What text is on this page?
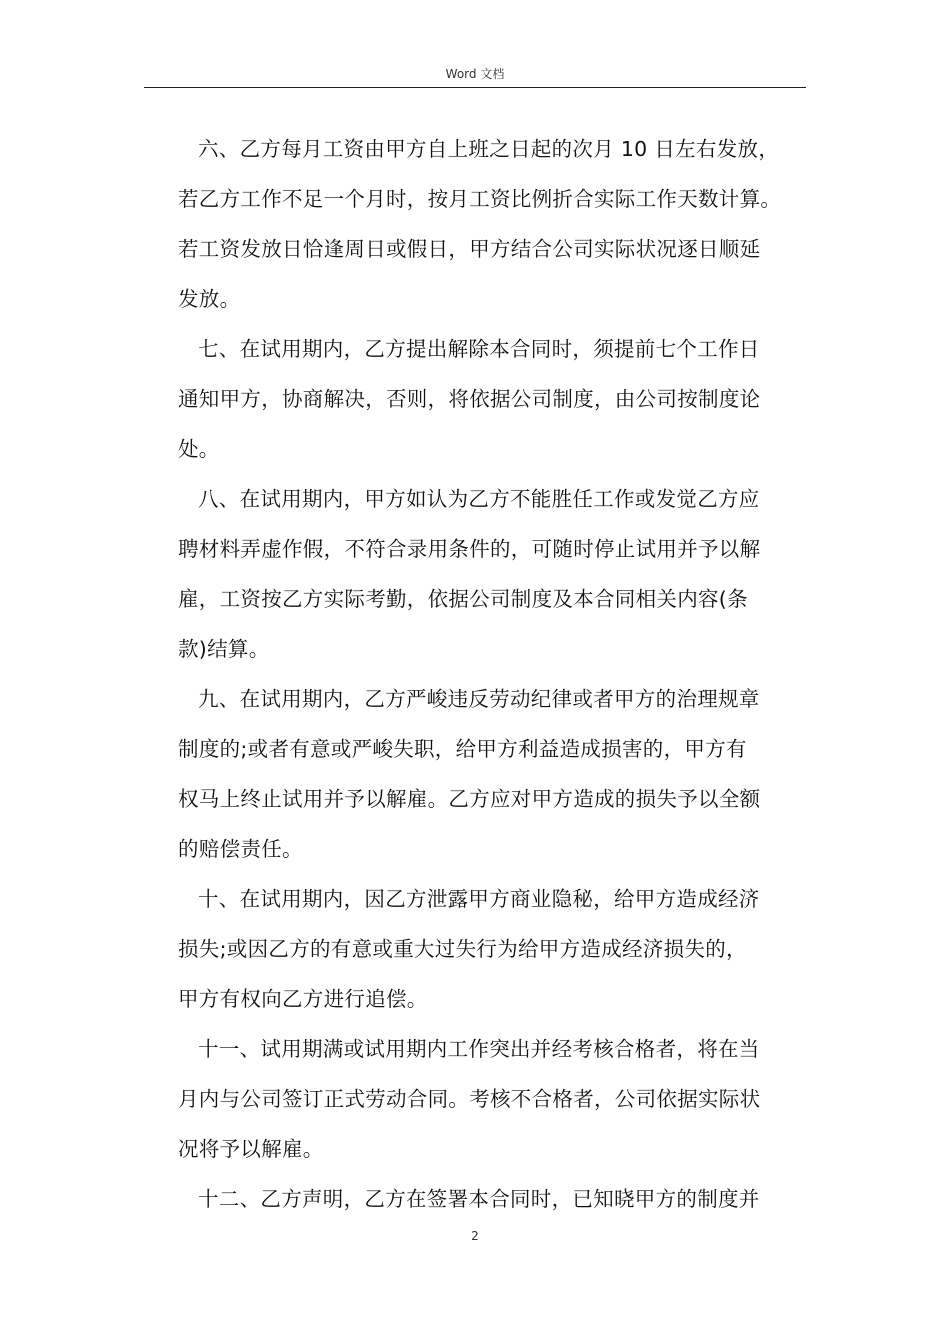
Word 文档
六、乙方每月工资由甲方自上班之日起的次月 10 日左右发放，
若乙方工作不足一个月时，按月工资比例折合实际工作天数计算。
若工资发放日恰逢周日或假日，甲方结合公司实际状况逐日顺延
发放。
七、在试用期内，乙方提出解除本合同时，须提前七个工作日
通知甲方，协商解决，否则，将依据公司制度，由公司按制度论
处。
八、在试用期内，甲方如认为乙方不能胜任工作或发觉乙方应
聘材料弄虚作假，不符合录用条件的，可随时停止试用并予以解
雇，工资按乙方实际考勤，依据公司制度及本合同相关内容(条
款)结算。
九、在试用期内，乙方严峻违反劳动纪律或者甲方的治理规章
制度的;或者有意或严峻失职，给甲方利益造成损害的，甲方有
权马上终止试用并予以解雇。乙方应对甲方造成的损失予以全额
的赔偿责任。
十、在试用期内，因乙方泄露甲方商业隐秘，给甲方造成经济
损失;或因乙方的有意或重大过失行为给甲方造成经济损失的，
甲方有权向乙方进行追偿。
十一、试用期满或试用期内工作突出并经考核合格者，将在当
月内与公司签订正式劳动合同。考核不合格者，公司依据实际状
况将予以解雇。
十二、乙方声明，乙方在签署本合同时，已知晓甲方的制度并
2
